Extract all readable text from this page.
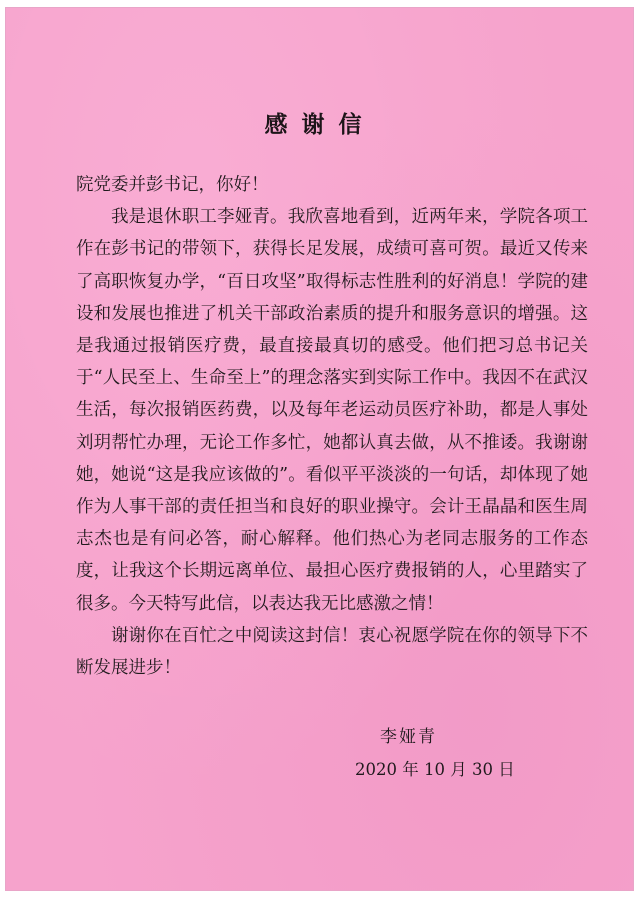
感谢信

院党委并彭书记，你好！

我是退休职工李娅青。我欣喜地看到，近两年来，学院各项工作在彭书记的带领下，获得长足发展，成绩可喜可贺。最近又传来了高职恢复办学，“百日攻坚”取得标志性胜利的好消息！学院的建设和发展也推进了机关干部政治素质的提升和服务意识的增强。这是我通过报销医疗费，最直接最真切的感受。他们把习总书记关于“人民至上、生命至上”的理念落实到实际工作中。我因不在武汉生活，每次报销医药费，以及每年老运动员医疗补助，都是人事处刘玥帮忙办理，无论工作多忙，她都认真去做，从不推诿。我谢谢她，她说“这是我应该做的”。看似平平淡淡的一句话，却体现了她作为人事干部的责任担当和良好的职业操守。会计王晶晶和医生周志杰也是有问必答，耐心解释。他们热心为老同志服务的工作态度，让我这个长期远离单位、最担心医疗费报销的人，心里踏实了很多。今天特写此信，以表达我无比感激之情！

谢谢你在百忙之中阅读这封信！衷心祝愿学院在你的领导下不断发展进步！

李娅青
2020 年 10 月 30 日
